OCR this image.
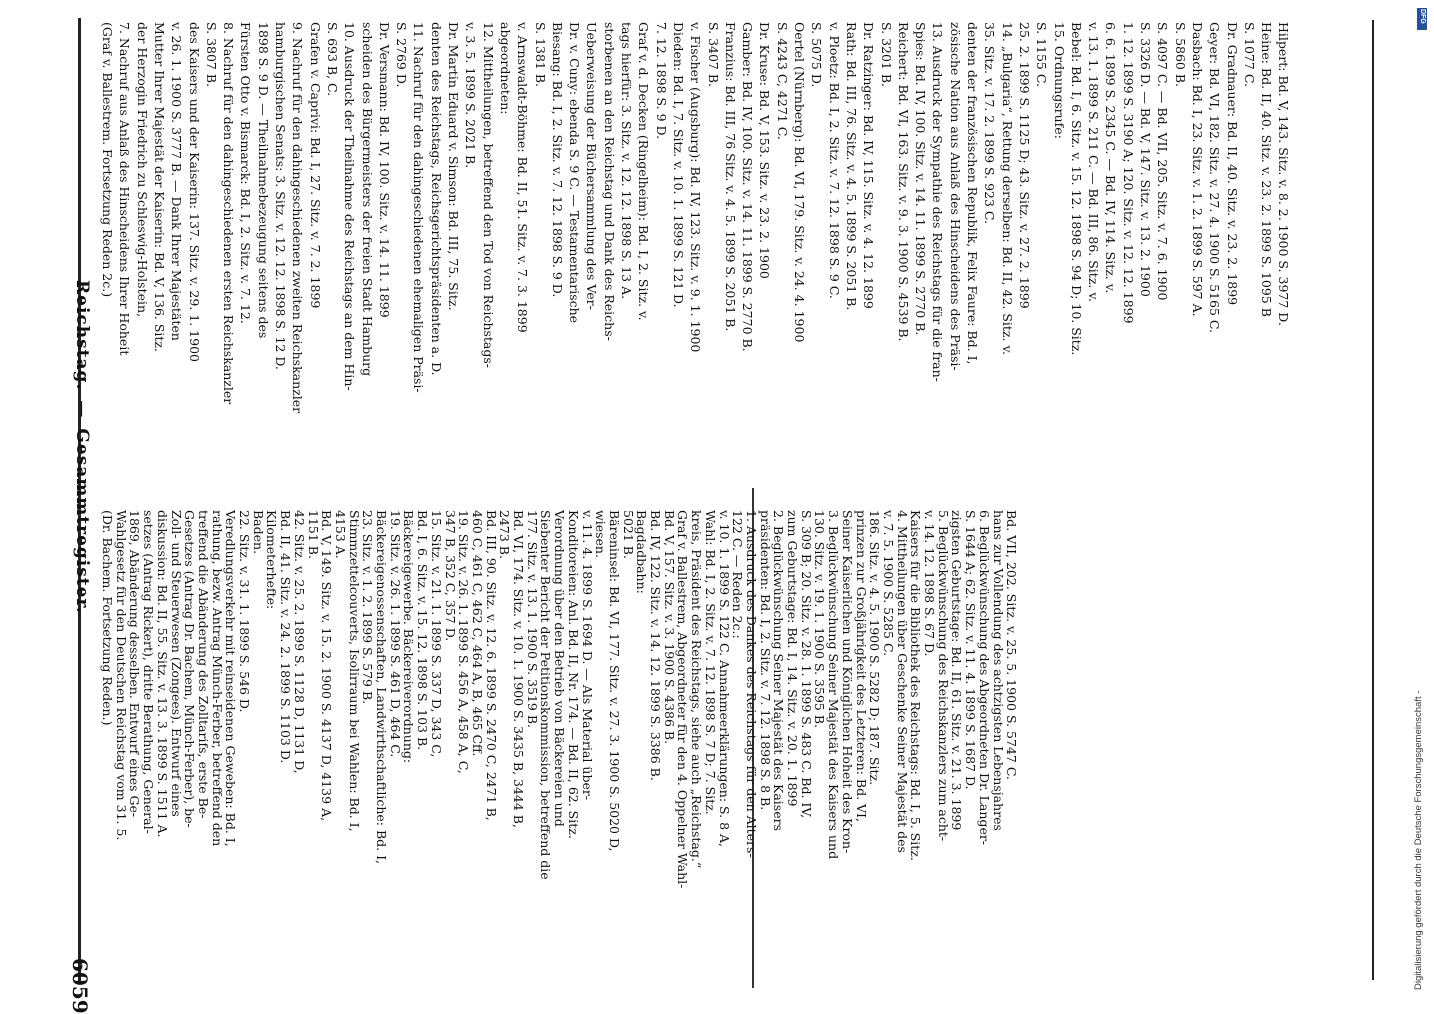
6059
Reichstag.—Gesammtregister. (Dr. Bachem. Fortsetzung Reden.)
Wahlgesetz für den Deutschen Reichstag vom 31. 5.
1869, Abänderung desselben. Entwurf eines Ge-
setzes (Antrag Rickert), dritte Berathung, General-
diskussion: Bd. II, 55. Sitz. v. 13. 3. 1899 S. 1511 A.
Zoll- und Steuerwesen (Zongees). Entwurf eines
Gesetzes (Antrag Dr. Bachem, Münch-Ferber), be-
treffend die Abänderung des Zolltarifs, erste Be-
rathung, bezw. Antrag Münch-Ferber, betreffend den
Veredlungsverkehr mit reinseidenen Geweben: Bd. I,
22. Sitz. v. 31. 1. 1899 S. 546 D.
Baden.
Kilometerhefte:
Bd. II, 41. Sitz. v. 24. 2. 1899 S. 1103 D.
42. Sitz. v. 25. 2. 1899 S. 1128 D, 1131 D,
1151 B.
Bd. V, 149. Sitz. v. 15. 2. 1900 S. 4137 D, 4139 A,
4153 A.
Stimmzettelcouverts, Isolirraum bei Wahlen: Bd. I,
23. Sitz. v. 1. 2. 1899 S. 579 B.
Bäckereigenossenschaften, Landwirthschaftliche: Bd. I,
19. Sitz. v. 26. 1. 1899 S. 461 D, 464 C.
Bäckereigewerbe. Bäckereiverordnung:
Bd. I, 6. Sitz. v. 15. 12. 1898 S. 103 B.
15. Sitz. v. 21. 1. 1899 S. 337 D, 343 C,
347 B, 352 C, 357 D.
19. Sitz. v. 26. 1. 1899 S. 456 A, 458 A, C,
460 C, 461 C, 462 C, 464 A, B, 465 Cff.
Bd. III, 90. Sitz. v. 12. 6. 1899 S. 2470 C, 2471 B,
2473 B.
Bd. VI, 174. Sitz. v. 10. 1. 1900 S. 3435 B, 3444 B,
177. Sitz. v. 13. 1. 1900 S. 3519 B.
Siebenter Bericht der Petitionskommission, betreffend die
Verordnung über den Betrieb von Bäckereien und
Konditoreien: Anl. Bd. II, Nr. 174. — Bd. II, 62. Sitz.
v. 11. 4. 1899 S. 1694 D. — Als Material über-
wiesen.
Bäreninsel: Bd. VI, 177. Sitz. v. 27. 3. 1900 S. 5020 D,
5021 B.
Bagdadbahn:
Bd. IV, 122. Sitz. v. 14. 12. 1899 S. 3386 B.
Bd. V, 157. Sitz. v. 3. 1900 S. 4386 B.
Graf v. Ballestrem, Abgeordneter für den 4. Oppelner Wahl-
kreis, Präsident des Reichstags, siehe auch „Reichstag.“
Wahl: Bd. I, 2. Sitz. v. 7. 12. 1898 S. 7 D; 7. Sitz.
v. 10. 1. 1899 S. 122 C. Annahmeerklärungen: S. 8 A,
122 C. — Reden 2c.:
1. Ausdruck des Dankes des Reichstags für den Alters-
präsidenten: Bd. I, 2. Sitz. v. 7. 12. 1898 S. 8 B.
2. Beglückwünschung Seiner Majestät des Kaisers
zum Geburtstage: Bd. I, 14. Sitz. v. 20. 1. 1899
S. 309 B; 20. Sitz. v. 28. 1. 1899 S. 483 C. Bd. IV,
130. Sitz. v. 19. 1. 1900 S. 3595 B.
3. Beglückwünschung Seiner Majestät des Kaisers und
Seiner Kaiserlichen und Königlichen Hoheit des Kron-
prinzen zur Großjährigkeit des Letzteren: Bd. VI,
186. Sitz. v. 4. 5. 1900 S. 5282 D; 187. Sitz.
v. 7. 5. 1900 S. 5285 C.
4. Mittheilungen über Geschenke Seiner Majestät des
Kaisers für die Bibliothek des Reichstags: Bd. I, 5. Sitz.
v. 14. 12. 1898 S. 67 D.
5. Beglückwünschung des Reichskanzlers zum acht-
zigsten Geburtstage: Bd. II, 61. Sitz. v. 21. 3. 1899
S. 1644 A; 62. Sitz. v. 11. 4. 1899 S. 1687 D.
6. Beglückwünschung des Abgeordneten Dr. Langer-
hans zur Vollendung des achtzigsten Lebensjahres
Bd. VII, 202. Sitz. v. 25. 5. 1900 S. 5747 C.
(Graf v. Ballestrem. Fortsetzung Reden 2c.) 7. Nachruf aus Anlaß des Hinscheidens Ihrer Hoheit der Herzogin Friedrich zu Schleswig-Holstein, Mutter Ihrer Majestät der Kaiserin: Bd. V, 136. Sitz. v. 26. 1. 1900 S. 3777 B. — Dank Ihrer Majestäten des Kaisers und der Kaiserin: 137. Sitz. v. 29. 1. 1900 S. 3807 B. 8. Nachruf für den dahingeschiedenen ersten Reichskanzler Fürsten Otto v. Bismarck: Bd. I, 2. Sitz. v. 7. 12. 1898 S. 9 D. — Theilnahmebezeugung seitens des hamburgischen Senats: 3. Sitz. v. 12. 12. 1898 S. 12 D. 9. Nachruf für den dahingeschiedenen zweiten Reichskanzler Grafen v. Caprivi: Bd. I, 27. Sitz. v. 7. 2. 1899 S. 693 B, C. 10. Ausdruck der Theilnahme des Reichstags an dem Hin- scheiden des Bürgermeisters der freien Stadt Hamburg Dr. Versmann: Bd. IV, 100. Sitz. v. 14. 11. 1899 S. 2769 D. 11. Nachruf für den dahingeschiedenen ehemaligen Präsi- denten des Reichstags, Reichsgerichtspräsidenten a. D. Dr. Martin Eduard v. Simson: Bd. III, 75. Sitz. v. 3. 5. 1899 S. 2021 B. 12. Mittheilungen, betreffend den Tod von Reichstags- abgeordneten: v. Arnswaldt-Böhme: Bd. II, 51. Sitz. v. 7. 3. 1899 S. 1381 B. Biesang: Bd. I, 2. Sitz. v. 7. 12. 1898 S. 9 D. Dr. v. Cuny: ebenda S. 9 C. — Testamentarische Ueberweisung der Büchersammlung des Ver- storbenen an den Reichstag und Dank des Reichs- tags hierfür: 3. Sitz. v. 12. 12. 1898 S. 13 A. Graf v. d. Decken (Ringelheim): Bd. I, 2. Sitz. v. 7. 12. 1898 S. 9 D. Dieden: Bd. I, 7. Sitz. v. 10. 1. 1899 S. 121 D. v. Fischer (Augsburg): Bd. IV, 123. Sitz. v. 9. 1. 1900 S. 3407 B. Franzius: Bd. III, 76 Sitz. v. 4. 5. 1899 S. 2051 B. Gamber: Bd. IV, 100. Sitz. v. 14. 11. 1899 S. 2770 B. Dr. Kruse: Bd. V, 153. Sitz. v. 23. 2. 1900 S. 4243 C, 4271 C. Oertel (Nürnberg): Bd. VI, 179. Sitz. v. 24. 4. 1900 S. 5075 D. v. Ploetz: Bd. I, 2. Sitz. v. 7. 12. 1898 S. 9 C. Rath: Bd. III, 76. Sitz. v. 4. 5. 1899 S. 2051 B. Dr. Ratzinger: Bd. IV, 115. Sitz. v. 4. 12. 1899 S. 3201 B. Reichert: Bd. VI, 163. Sitz. v. 9. 3. 1900 S. 4539 B. Spies: Bd. IV, 100. Sitz. v. 14. 11. 1899 S. 2770 B. 13. Ausdruck der Sympathie des Reichstags für die fran- zösische Nation aus Anlaß des Hinscheidens des Präsi- denten der französischen Republik, Felix Faure: Bd. I, 35. Sitz. v. 17. 2. 1899 S. 923 C. 14. „Bulgaria“, Rettung derselben: Bd. II, 42. Sitz. v. 25. 2. 1899 S. 1125 D; 43. Sitz. v. 27. 2. 1899 S. 1155 C. 15. Ordnungsrufe: Bebel: Bd. I, 6. Sitz. v. 15. 12. 1898 S. 94 D; 10. Sitz. v. 13. 1. 1899 S. 211 C. — Bd. III, 86. Sitz. v. 6. 6. 1899 S. 2345 C. — Bd. IV, 114. Sitz. v. 1. 12. 1899 S. 3190 A; 120. Sitz. v. 12. 12. 1899 S. 3326 D. — Bd. V, 147. Sitz. v. 13. 2. 1900 S. 4097 C. — Bd. VII, 205. Sitz. v. 7. 6. 1900 S. 5860 B. Dasbach: Bd. I, 23. Sitz. v. 1. 2. 1899 S. 597 A. Geyer: Bd. VI, 182. Sitz. v. 27. 4. 1900 S. 5165 C. Dr. Gradnauer: Bd. II, 40. Sitz. v. 23. 2. 1899 S. 1077 C. Heine: Bd. II, 40. Sitz. v. 23. 2. 1899 S. 1095 B Hilpert: Bd. V, 143. Sitz. v. 8. 2. 1900 S. 3977 D.
Digitalisierung gefördert durch die Deutsche Forschungsgemeinschaft -
DFG
